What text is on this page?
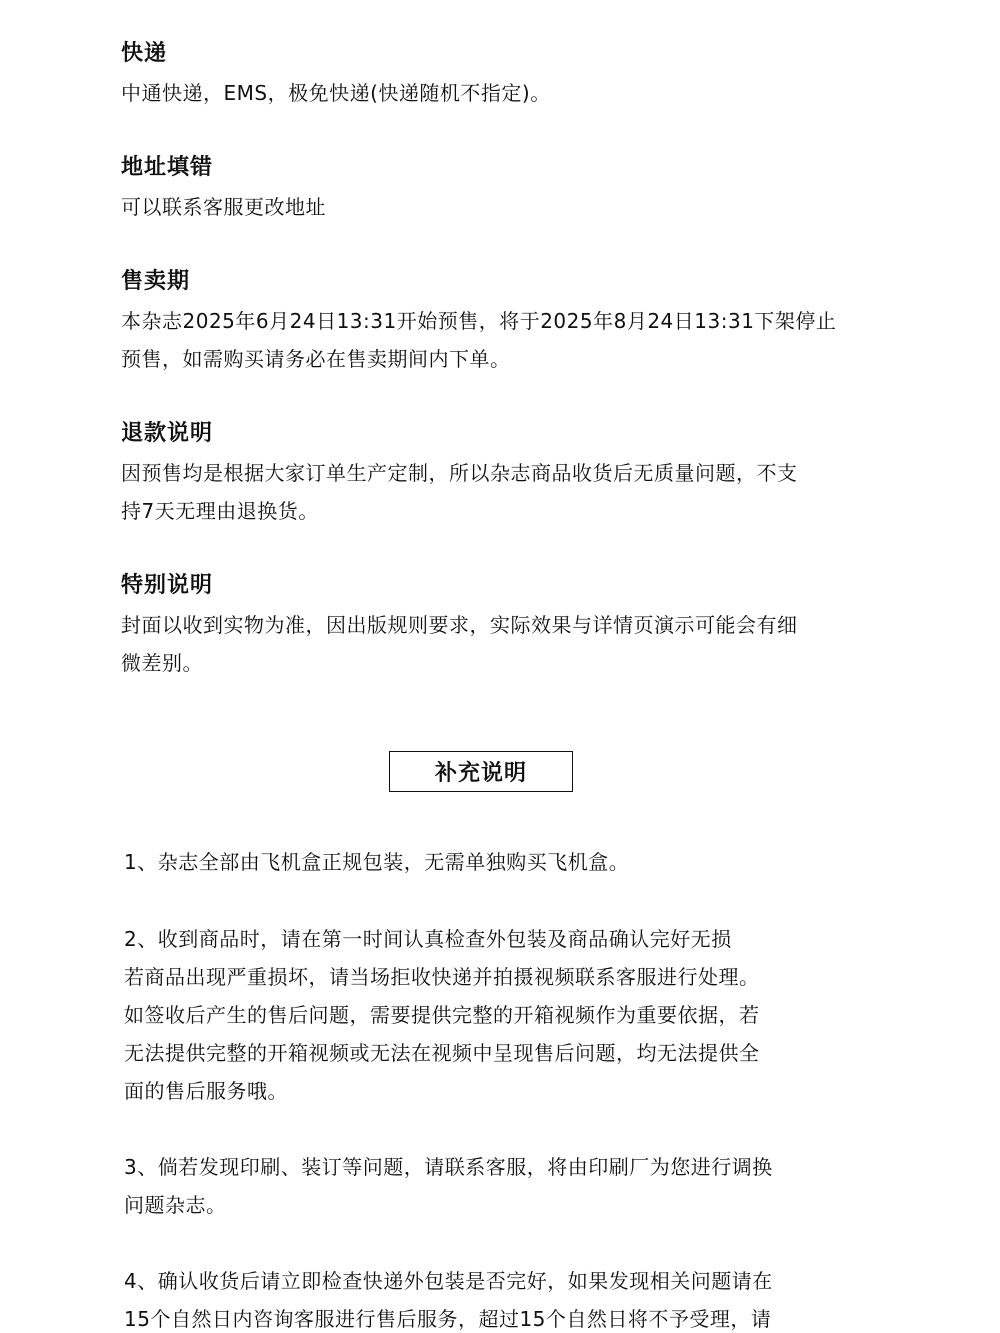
快递
中通快递，EMS，极免快递(快递随机不指定)。
地址填错
可以联系客服更改地址
售卖期
本杂志2025年6月24日13:31开始预售，将于2025年8月24日13:31下架停止
预售，如需购买请务必在售卖期间内下单。
退款说明
因预售均是根据大家订单生产定制，所以杂志商品收货后无质量问题，不支
持7天无理由退换货。
特别说明
封面以收到实物为准，因出版规则要求，实际效果与详情页演示可能会有细
微差别。
补充说明
1、杂志全部由飞机盒正规包装，无需单独购买飞机盒。
2、收到商品时，请在第一时间认真检查外包装及商品确认完好无损
若商品出现严重损坏，请当场拒收快递并拍摄视频联系客服进行处理。
如签收后产生的售后问题，需要提供完整的开箱视频作为重要依据，若
无法提供完整的开箱视频或无法在视频中呈现售后问题，均无法提供全
面的售后服务哦。
3、倘若发现印刷、装订等问题，请联系客服，将由印刷厂为您进行调换
问题杂志。
4、确认收货后请立即检查快递外包装是否完好，如果发现相关问题请在
15个自然日内咨询客服进行售后服务，超过15个自然日将不予受理，请
